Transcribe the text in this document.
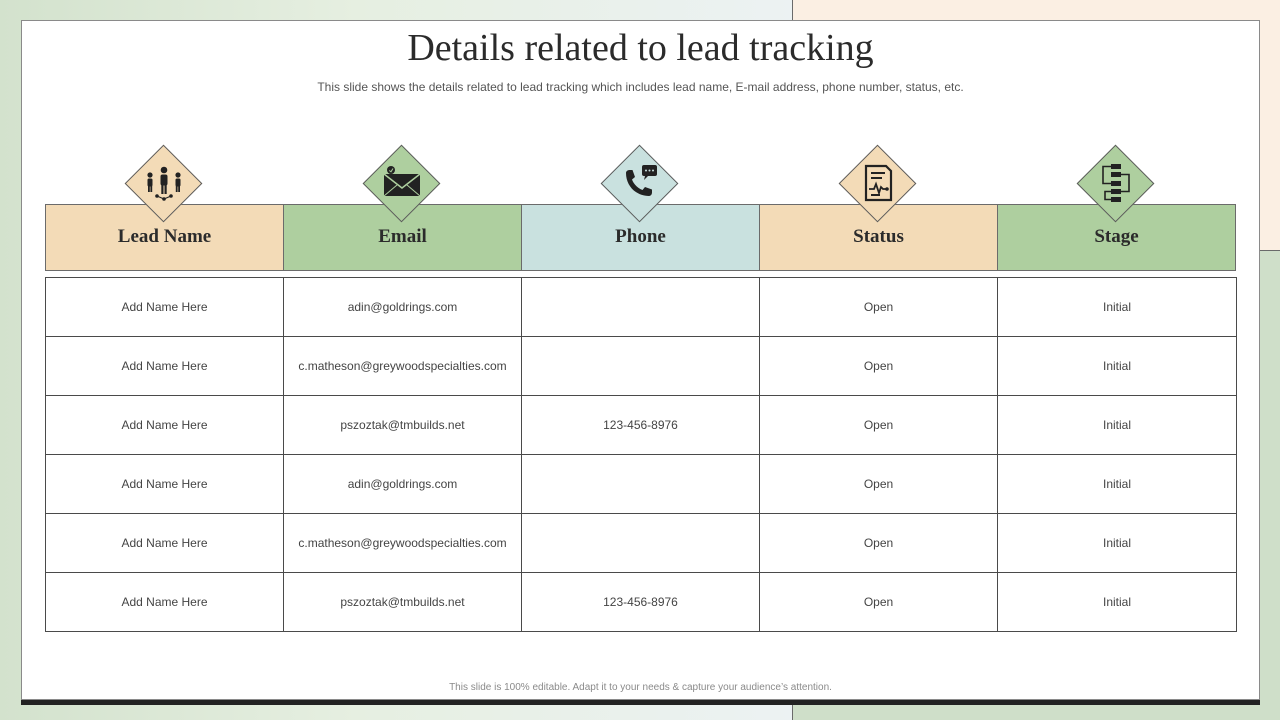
Details related to lead tracking
This slide shows the details related to lead tracking which includes lead name, E-mail address, phone number, status, etc.
Lead Name	Email	Phone	Status	Stage
Add Name Here	adin@goldrings.com		Open	Initial
Add Name Here	c.matheson@greywoodspecialties.com		Open	Initial
Add Name Here	pszoztak@tmbuilds.net	123-456-8976	Open	Initial
Add Name Here	adin@goldrings.com		Open	Initial
Add Name Here	c.matheson@greywoodspecialties.com		Open	Initial
Add Name Here	pszoztak@tmbuilds.net	123-456-8976	Open	Initial
This slide is 100% editable. Adapt it to your needs & capture your audience’s attention.
